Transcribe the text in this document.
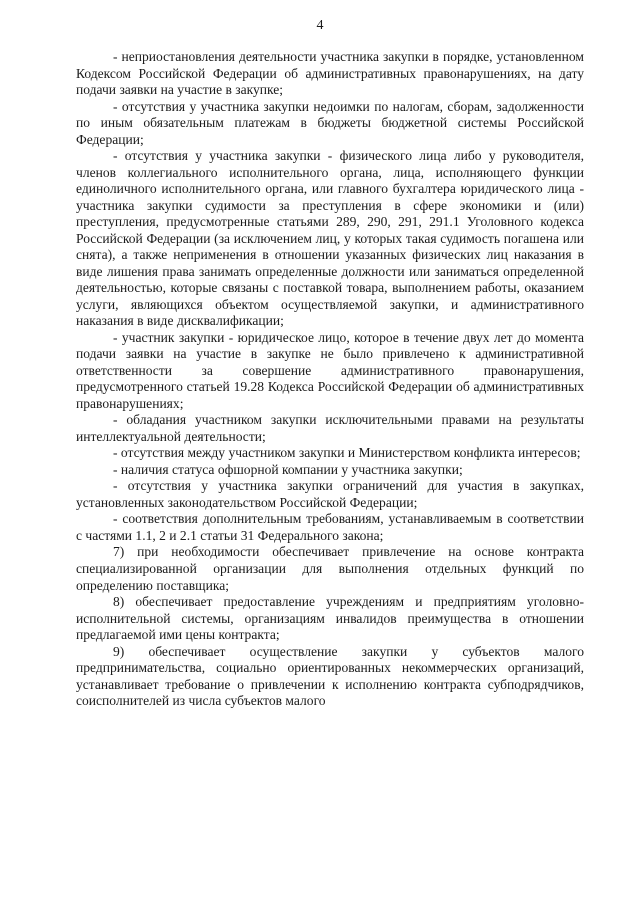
4

- неприостановления деятельности участника закупки в порядке, установленном Кодексом Российской Федерации об административных правонарушениях, на дату подачи заявки на участие в закупке;

- отсутствия у участника закупки недоимки по налогам, сборам, задолженности по иным обязательным платежам в бюджеты бюджетной системы Российской Федерации;

- отсутствия у участника закупки - физического лица либо у руководителя, членов коллегиального исполнительного органа, лица, исполняющего функции единоличного исполнительного органа, или главного бухгалтера юридического лица - участника закупки судимости за преступления в сфере экономики и (или) преступления, предусмотренные статьями 289, 290, 291, 291.1 Уголовного кодекса Российской Федерации (за исключением лиц, у которых такая судимость погашена или снята), а также неприменения в отношении указанных физических лиц наказания в виде лишения права занимать определенные должности или заниматься определенной деятельностью, которые связаны с поставкой товара, выполнением работы, оказанием услуги, являющихся объектом осуществляемой закупки, и административного наказания в виде дисквалификации;

- участник закупки - юридическое лицо, которое в течение двух лет до момента подачи заявки на участие в закупке не было привлечено к административной ответственности за совершение административного правонарушения, предусмотренного статьей 19.28 Кодекса Российской Федерации об административных правонарушениях;

- обладания участником закупки исключительными правами на результаты интеллектуальной деятельности;

- отсутствия между участником закупки и Министерством конфликта интересов;

- наличия статуса офшорной компании у участника закупки;

- отсутствия у участника закупки ограничений для участия в закупках, установленных законодательством Российской Федерации;

- соответствия дополнительным требованиям, устанавливаемым в соответствии с частями 1.1, 2 и 2.1 статьи 31 Федерального закона;

7) при необходимости обеспечивает привлечение на основе контракта специализированной организации для выполнения отдельных функций по определению поставщика;

8) обеспечивает предоставление учреждениям и предприятиям уголовно-исполнительной системы, организациям инвалидов преимущества в отношении предлагаемой ими цены контракта;

9) обеспечивает осуществление закупки у субъектов малого предпринимательства, социально ориентированных некоммерческих организаций, устанавливает требование о привлечении к исполнению контракта субподрядчиков, соисполнителей из числа субъектов малого
